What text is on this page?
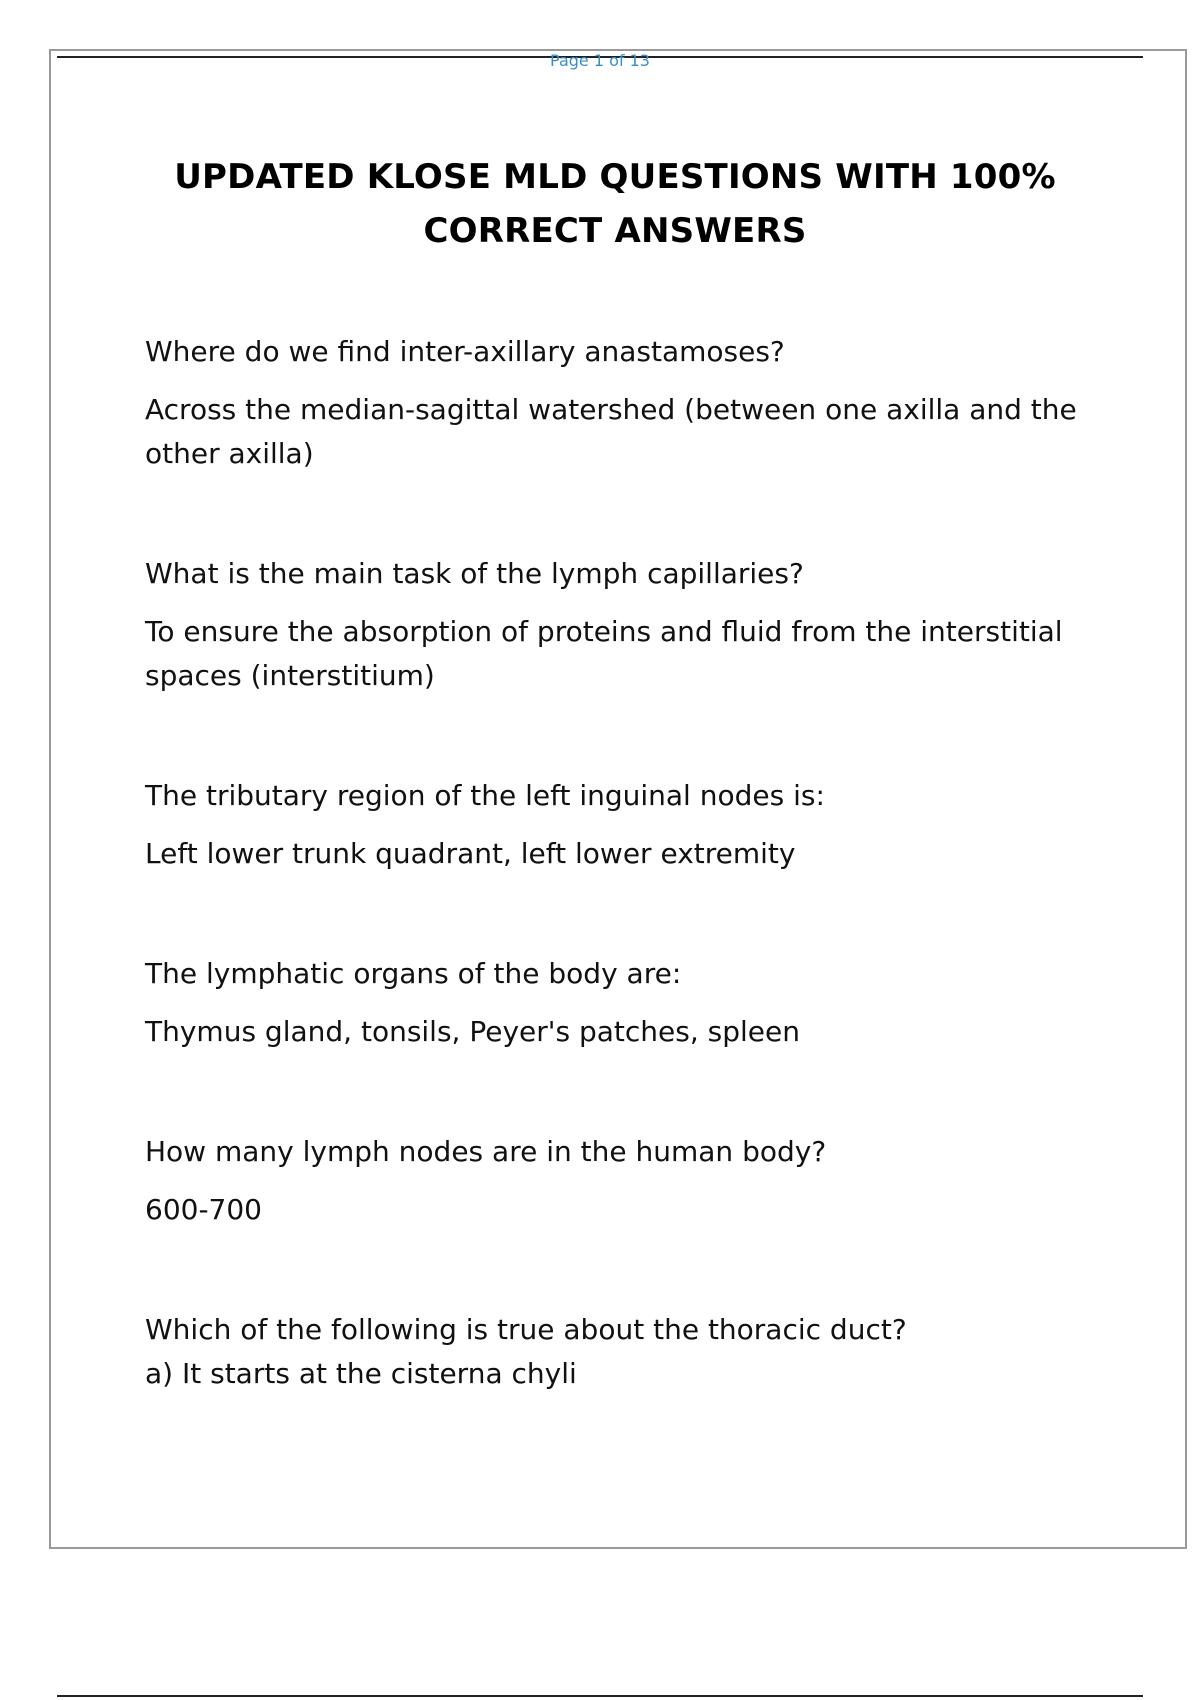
Page 1 of 13
UPDATED KLOSE MLD QUESTIONS WITH 100% CORRECT ANSWERS

Where do we find inter-axillary anastamoses?

Across the median-sagittal watershed (between one axilla and the other axilla)

What is the main task of the lymph capillaries?

To ensure the absorption of proteins and fluid from the interstitial spaces (interstitium)

The tributary region of the left inguinal nodes is:

Left lower trunk quadrant, left lower extremity

The lymphatic organs of the body are:

Thymus gland, tonsils, Peyer's patches, spleen

How many lymph nodes are in the human body?

600-700

Which of the following is true about the thoracic duct?

a) It starts at the cisterna chyli
